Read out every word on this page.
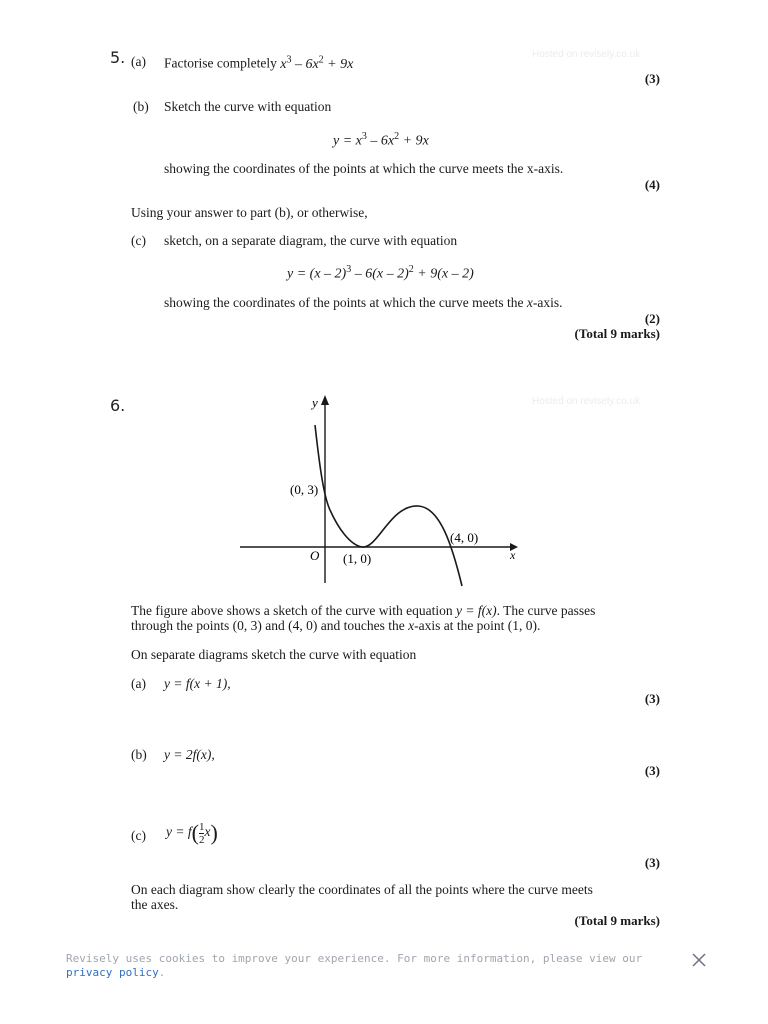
Hosted on revisely.co.uk
Hosted on revisely.co.uk
5. (a) Factorise completely $x^3 - 6x^2 + 9x$
(3)
(b) Sketch the curve with equation
$y = x^3 - 6x^2 + 9x$
showing the coordinates of the points at which the curve meets the x-axis.
(4)
Using your answer to part (b), or otherwise,
(c) sketch, on a separate diagram, the curve with equation
y = (x – 2)$^3$ – 6(x – 2)$^2$ + 9(x – 2)
showing the coordinates of the points at which the curve meets the x-axis.
(2)
(Total 9 marks)
6.	y
x
O
(0, 3)
(1, 0)
(4, 0)
The figure above shows a sketch of the curve with equation y = f(x). The curve passes
through the points (0, 3) and (4, 0) and touches the x-axis at the point (1, 0).
On separate diagrams sketch the curve with equation
(a) y = f(x + 1),
(3)
(b) y = 2f(x),
(3)
(c) $y = f( \frac{1}{2} x)$
(3)
On each diagram show clearly the coordinates of all the points where the curve meets
the axes.
(Total 9 marks)
Revisely uses cookies to improve your experience. For more information, please view our
privacy policy.
